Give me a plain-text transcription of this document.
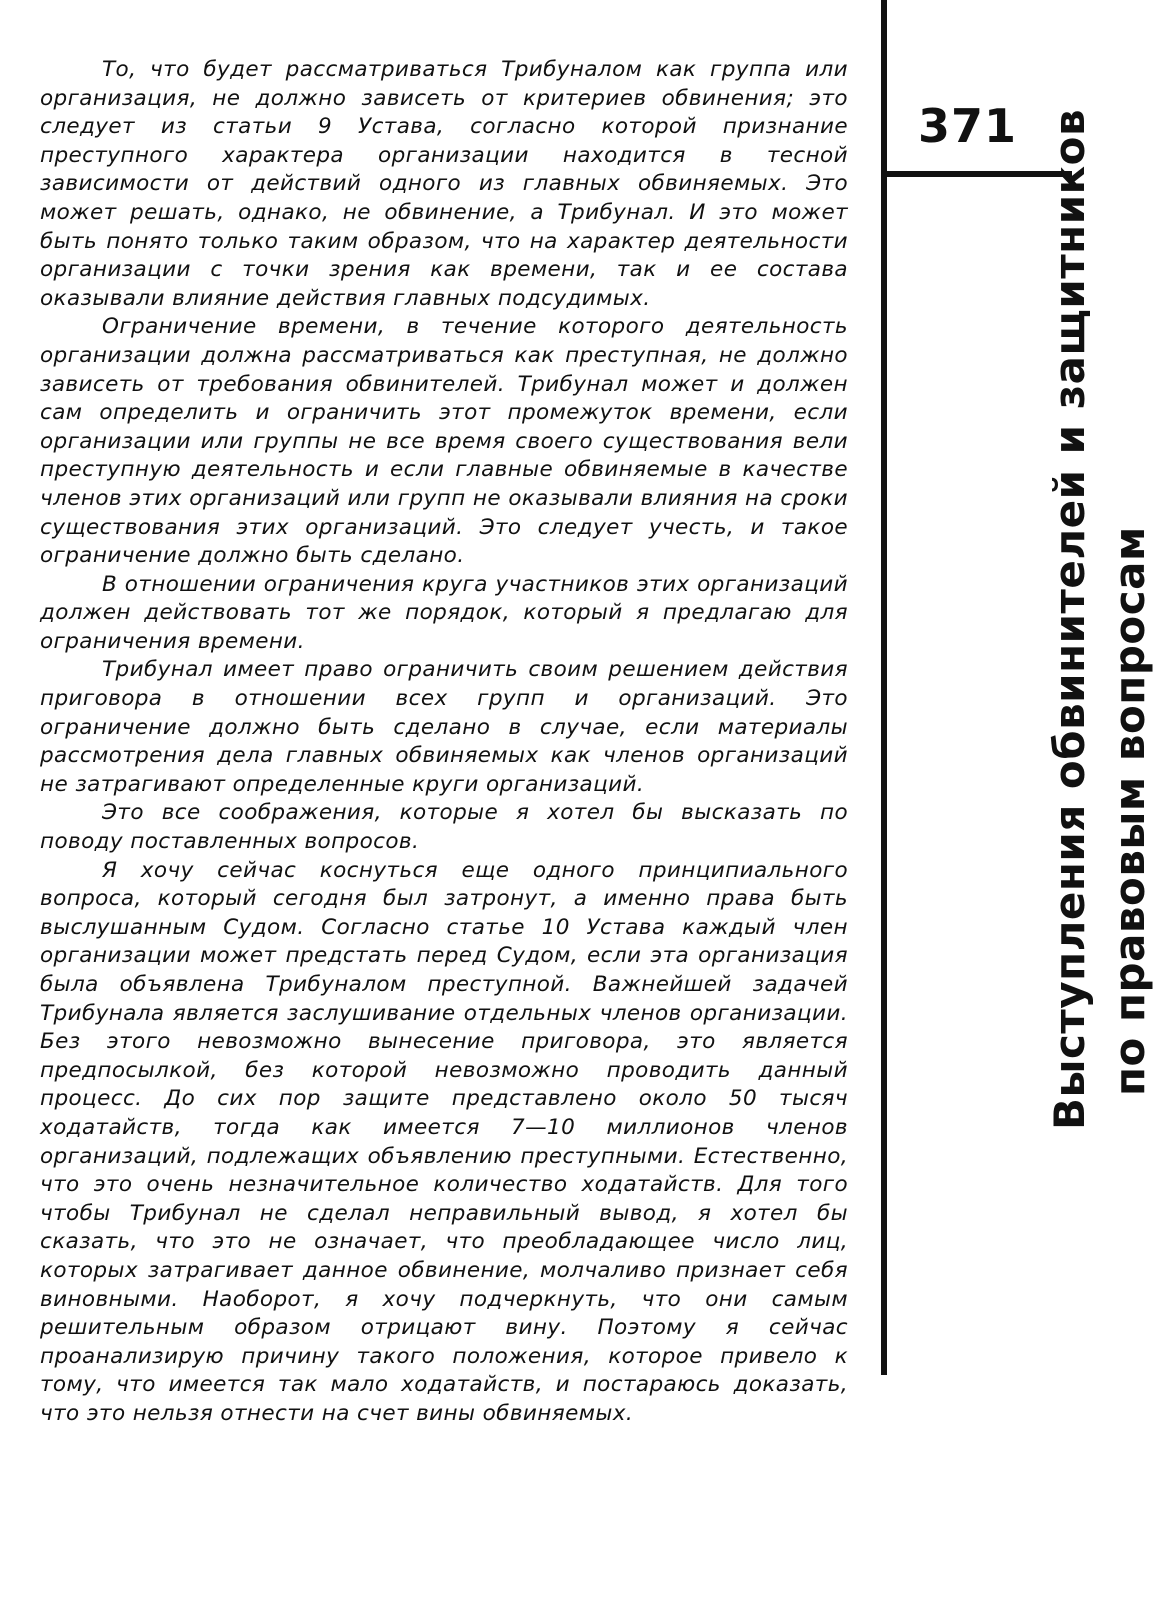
То, что будет рассматриваться Трибуналом как группа или организация, не должно зависеть от критериев обвинения; это следует из статьи 9 Устава, согласно которой признание преступного характера организации находится в тесной зависимости от действий одного из главных обвиняемых. Это может решать, однако, не обвинение, а Трибунал. И это может быть понято только таким образом, что на характер деятельности организации с точки зрения как времени, так и ее состава оказывали влияние действия главных подсудимых.

Ограничение времени, в течение которого деятельность организации должна рассматриваться как преступная, не должно зависеть от требования обвинителей. Трибунал может и должен сам определить и ограничить этот промежуток времени, если организации или группы не все время своего существования вели преступную деятельность и если главные обвиняемые в качестве членов этих организаций или групп не оказывали влияния на сроки существования этих организаций. Это следует учесть, и такое ограничение должно быть сделано.

В отношении ограничения круга участников этих организаций должен действовать тот же порядок, который я предлагаю для ограничения времени.

Трибунал имеет право ограничить своим решением действия приговора в отношении всех групп и организаций. Это ограничение должно быть сделано в случае, если материалы рассмотрения дела главных обвиняемых как членов организаций не затрагивают определенные круги организаций.

Это все соображения, которые я хотел бы высказать по поводу поставленных вопросов.

Я хочу сейчас коснуться еще одного принципиального вопроса, который сегодня был затронут, а именно права быть выслушанным Судом. Согласно статье 10 Устава каждый член организации может предстать перед Судом, если эта организация была объявлена Трибуналом преступной. Важнейшей задачей Трибунала является заслушивание отдельных членов организации. Без этого невозможно вынесение приговора, это является предпосылкой, без которой невозможно проводить данный процесс. До сих пор защите представлено около 50 тысяч ходатайств, тогда как имеется 7—10 миллионов членов организаций, подлежащих объявлению преступными. Естественно, что это очень незначительное количество ходатайств. Для того чтобы Трибунал не сделал неправильный вывод, я хотел бы сказать, что это не означает, что преобладающее число лиц, которых затрагивает данное обвинение, молчаливо признает себя виновными. Наоборот, я хочу подчеркнуть, что они самым решительным образом отрицают вину. Поэтому я сейчас проанализирую причину такого положения, которое привело к тому, что имеется так мало ходатайств, и постараюсь доказать, что это нельзя отнести на счет вины обвиняемых.

371 Выступления обвинителей и защитников по правовым вопросам
